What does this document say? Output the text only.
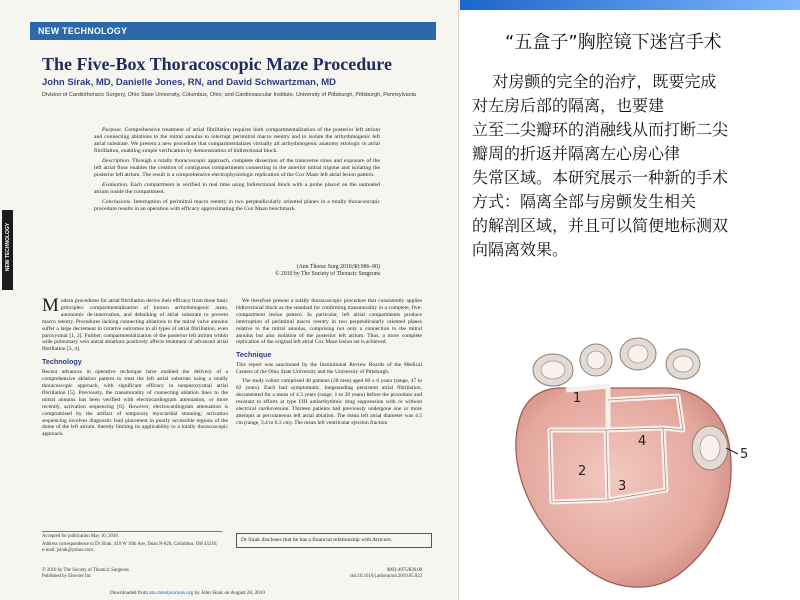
NEW TECHNOLOGY
The Five-Box Thoracoscopic Maze Procedure
John Sirak, MD, Danielle Jones, RN, and David Schwartzman, MD
Division of Cardiothoracic Surgery, Ohio State University, Columbus, Ohio; and Cardiovascular Institute, University of Pittsburgh, Pittsburgh, Pennsylvania

Purpose. Comprehensive treatment of atrial fibrillation requires both compartmentalization of the posterior left atrium and connecting ablations to the mitral annulus to interrupt perimitral macro reentry and to isolate the arrhythmogenic left atrial substrate. We present a new procedure that compartmentalizes virtually all arrhythmogenic anatomy etiologic in atrial fibrillation, enabling simple verification by demonstration of bidirectional block.

Description. Through a totally thoracoscopic approach, complete dissection of the transverse sinus and exposure of the left atrial floor enables the creation of contiguous compartments connecting to the anterior mitral trigone and isolating the posterior left atrium. The result is a comprehensive electrophysiologic replication of the Cox Maze left atrial lesion pattern.

Evaluation. Each compartment is verified in real time using bidirectional block with a probe placed on the untreated atrium inside the compartment.

Conclusions. Interruption of perimitral macro reentry in two perpendicularly oriented planes in a totally thoracoscopic procedure results in an operation with efficacy approximating the Cox Maze benchmark.

(Ann Thorac Surg 2010;90:986–90)
© 2010 by The Society of Thoracic Surgeons
NEW TECHNOLOGY

Modern procedures for atrial fibrillation derive their efficacy from three basic principles: compartmentalization of known arrhythmogenic areas, autonomic de-innervation, and debulking of atrial substrate to prevent macro reentry. Procedures lacking connecting ablations to the mitral valve annulus suffer a large decrement in curative outcomes in all types of atrial fibrillation, even paroxysmal [1, 2]. Further, compartmentalization of the posterior left atrium within wide pulmonary vein antral ablations positively affects treatment of advanced atrial fibrillation [3, 4].

Technology

Recent advances in operative technique have enabled the delivery of a comprehensive ablation pattern to treat the left atrial substrate using a totally thoracoscopic approach, with significant efficacy in nonparoxysmal atrial fibrillation [5]. Previously, the transmurality of connecting ablation lines to the mitral annulus has been verified with electrocardiogram attenuation, or more recently, activation sequencing [6]. However, electrocardiogram attenuation is compromised by the artifact of temporary myocardial stunning; activation sequencing involves diagnostic lead placement in poorly accessible regions of the dome of the left atrium, thereby limiting its applicability to a totally thoracoscopic approach.

We therefore present a totally thoracoscopic procedure that consistently applies bidirectional block as the standard for confirming transmurality in a complete, five-compartment lesion pattern. In particular, left atrial compartments produce interruption of perimitral macro reentry in two perpendicularly oriented planes relative to the mitral annulus, comprising not only a connection to the mitral annulus but also isolation of the posterior left atrium. Thus, a more complete replication of the original left atrial Cox Maze lesion set is achieved.

Technique

This report was sanctioned by the Institutional Review Boards of the Medical Centers of the Ohio State University and the University of Pittsburgh.

The study cohort comprised 48 patients (28 men) aged 60 ± 6 years (range, 47 to 82 years). Each had symptomatic, longstanding persistent atrial fibrillation, documented for a mean of 4.3 years (range, 1 to 20 years) before the procedure and resistant to efforts at type I/III antiarrhythmic drug suppression with or without electrical cardioversion. Thirteen patients had previously undergone one or more attempts at percutaneous left atrial ablation. The mean left atrial diameter was 4.5 cm (range, 3.4 to 6.3 cm). The mean left ventricular ejection fraction

Accepted for publication May 10, 2010.
Address correspondence to Dr Sirak, 410 W 10th Ave, Doan N-820, Columbus, OH 43210; e-mail: jsirak@yahoo.com.
Dr Sirak discloses that he has a financial relationship with Atricure.
© 2010 by The Society of Thoracic Surgeons
Published by Elsevier Inc
0003-4975/$36.00
doi:10.1016/j.athoracsur.2010.05.022
Downloaded from ats.ctsnetjournals.org by John Sirak on August 28, 2010
“五盒子”胸腔镜下迷宫手术
对房颤的完全的治疗，既要完成
对左房后部的隔离，也要建
立至二尖瓣环的消融线从而打断二尖
瓣周的折返并隔离左心房心律
失常区域。本研究展示一种新的手术
方式：隔离全部与房颤发生相关
的解剖区域，并且可以简便地标测双
向隔离效果。
1
2
3
4
5
